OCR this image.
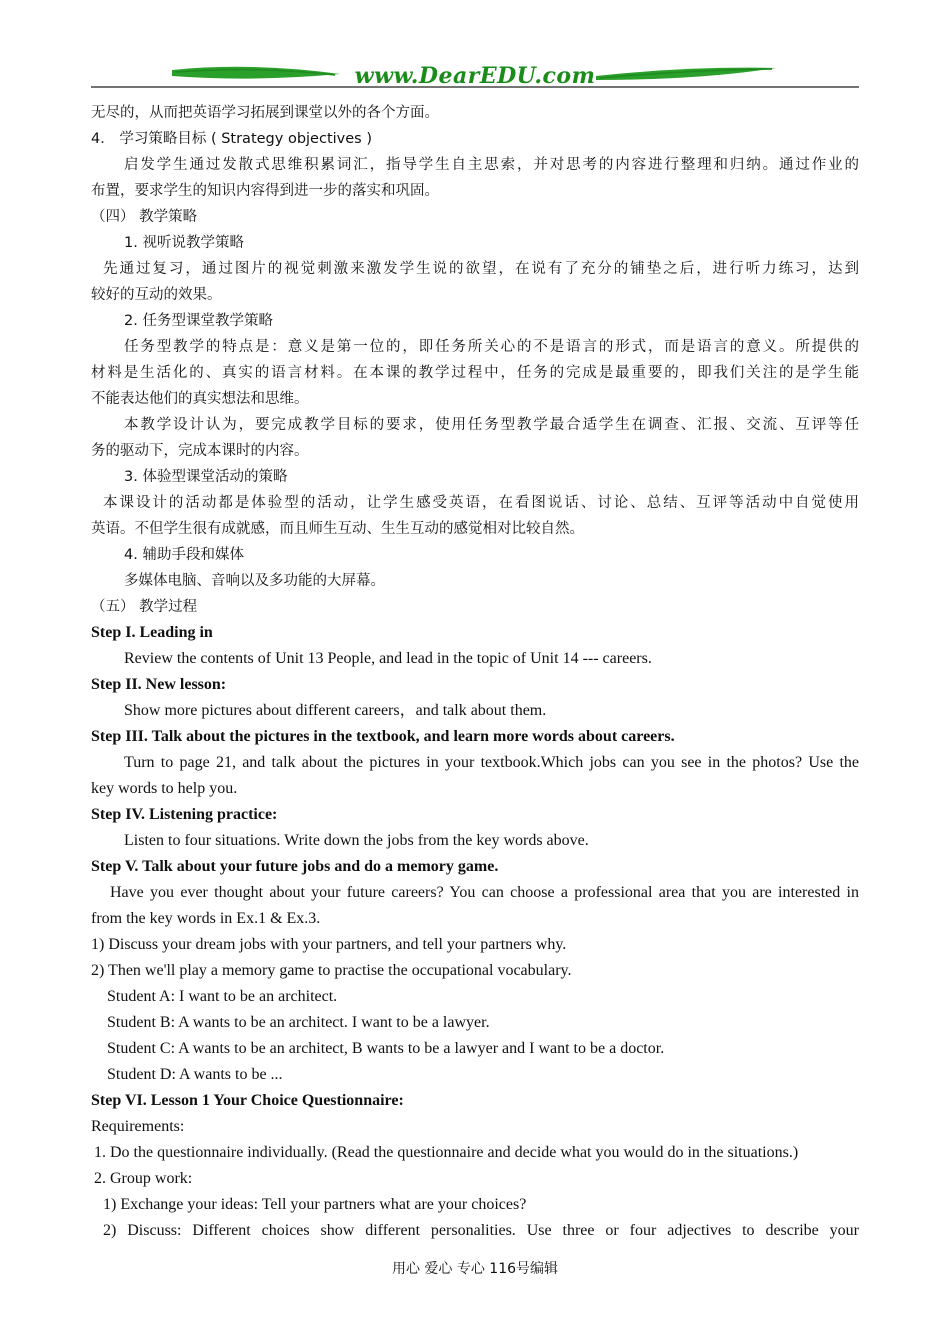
www.DearEDU.com
无尽的，从而把英语学习拓展到课堂以外的各个方面。
4． 学习策略目标 ( Strategy objectives )
启发学生通过发散式思维积累词汇，指导学生自主思索，并对思考的内容进行整理和归纳。通过作业的
布置，要求学生的知识内容得到进一步的落实和巩固。
（四） 教学策略
1. 视听说教学策略
先通过复习，通过图片的视觉刺激来激发学生说的欲望，在说有了充分的铺垫之后，进行听力练习，达到
较好的互动的效果。
2. 任务型课堂教学策略
任务型教学的特点是：意义是第一位的，即任务所关心的不是语言的形式，而是语言的意义。所提供的
材料是生活化的、真实的语言材料。在本课的教学过程中，任务的完成是最重要的，即我们关注的是学生能
不能表达他们的真实想法和思维。
本教学设计认为，要完成教学目标的要求，使用任务型教学最合适学生在调查、汇报、交流、互评等任
务的驱动下，完成本课时的内容。
3. 体验型课堂活动的策略
本课设计的活动都是体验型的活动，让学生感受英语，在看图说话、讨论、总结、互评等活动中自觉使用
英语。不但学生很有成就感，而且师生互动、生生互动的感觉相对比较自然。
4. 辅助手段和媒体
多媒体电脑、音响以及多功能的大屏幕。
（五） 教学过程
Step I. Leading in
Review the contents of Unit 13 People, and lead in the topic of Unit 14 --- careers.
Step II. New lesson:
Show more pictures about different careers，and talk about them.
Step III. Talk about the pictures in the textbook, and learn more words about careers.
Turn to page 21, and talk about the pictures in your textbook.Which jobs can you see in the photos? Use the
key words to help you.
Step IV. Listening practice:
Listen to four situations. Write down the jobs from the key words above.
Step V. Talk about your future jobs and do a memory game.
Have you ever thought about your future careers? You can choose a professional area that you are interested in
from the key words in Ex.1 & Ex.3.
1) Discuss your dream jobs with your partners, and tell your partners why.
2) Then we'll play a memory game to practise the occupational vocabulary.
Student A: I want to be an architect.
Student B: A wants to be an architect. I want to be a lawyer.
Student C: A wants to be an architect, B wants to be a lawyer and I want to be a doctor.
Student D: A wants to be ...
Step VI. Lesson 1 Your Choice Questionnaire:
Requirements:
1. Do the questionnaire individually. (Read the questionnaire and decide what you would do in the situations.)
2. Group work:
1) Exchange your ideas: Tell your partners what are your choices?
2) Discuss: Different choices show different personalities. Use three or four adjectives to describe your
用心 爱心 专心 116号编辑
